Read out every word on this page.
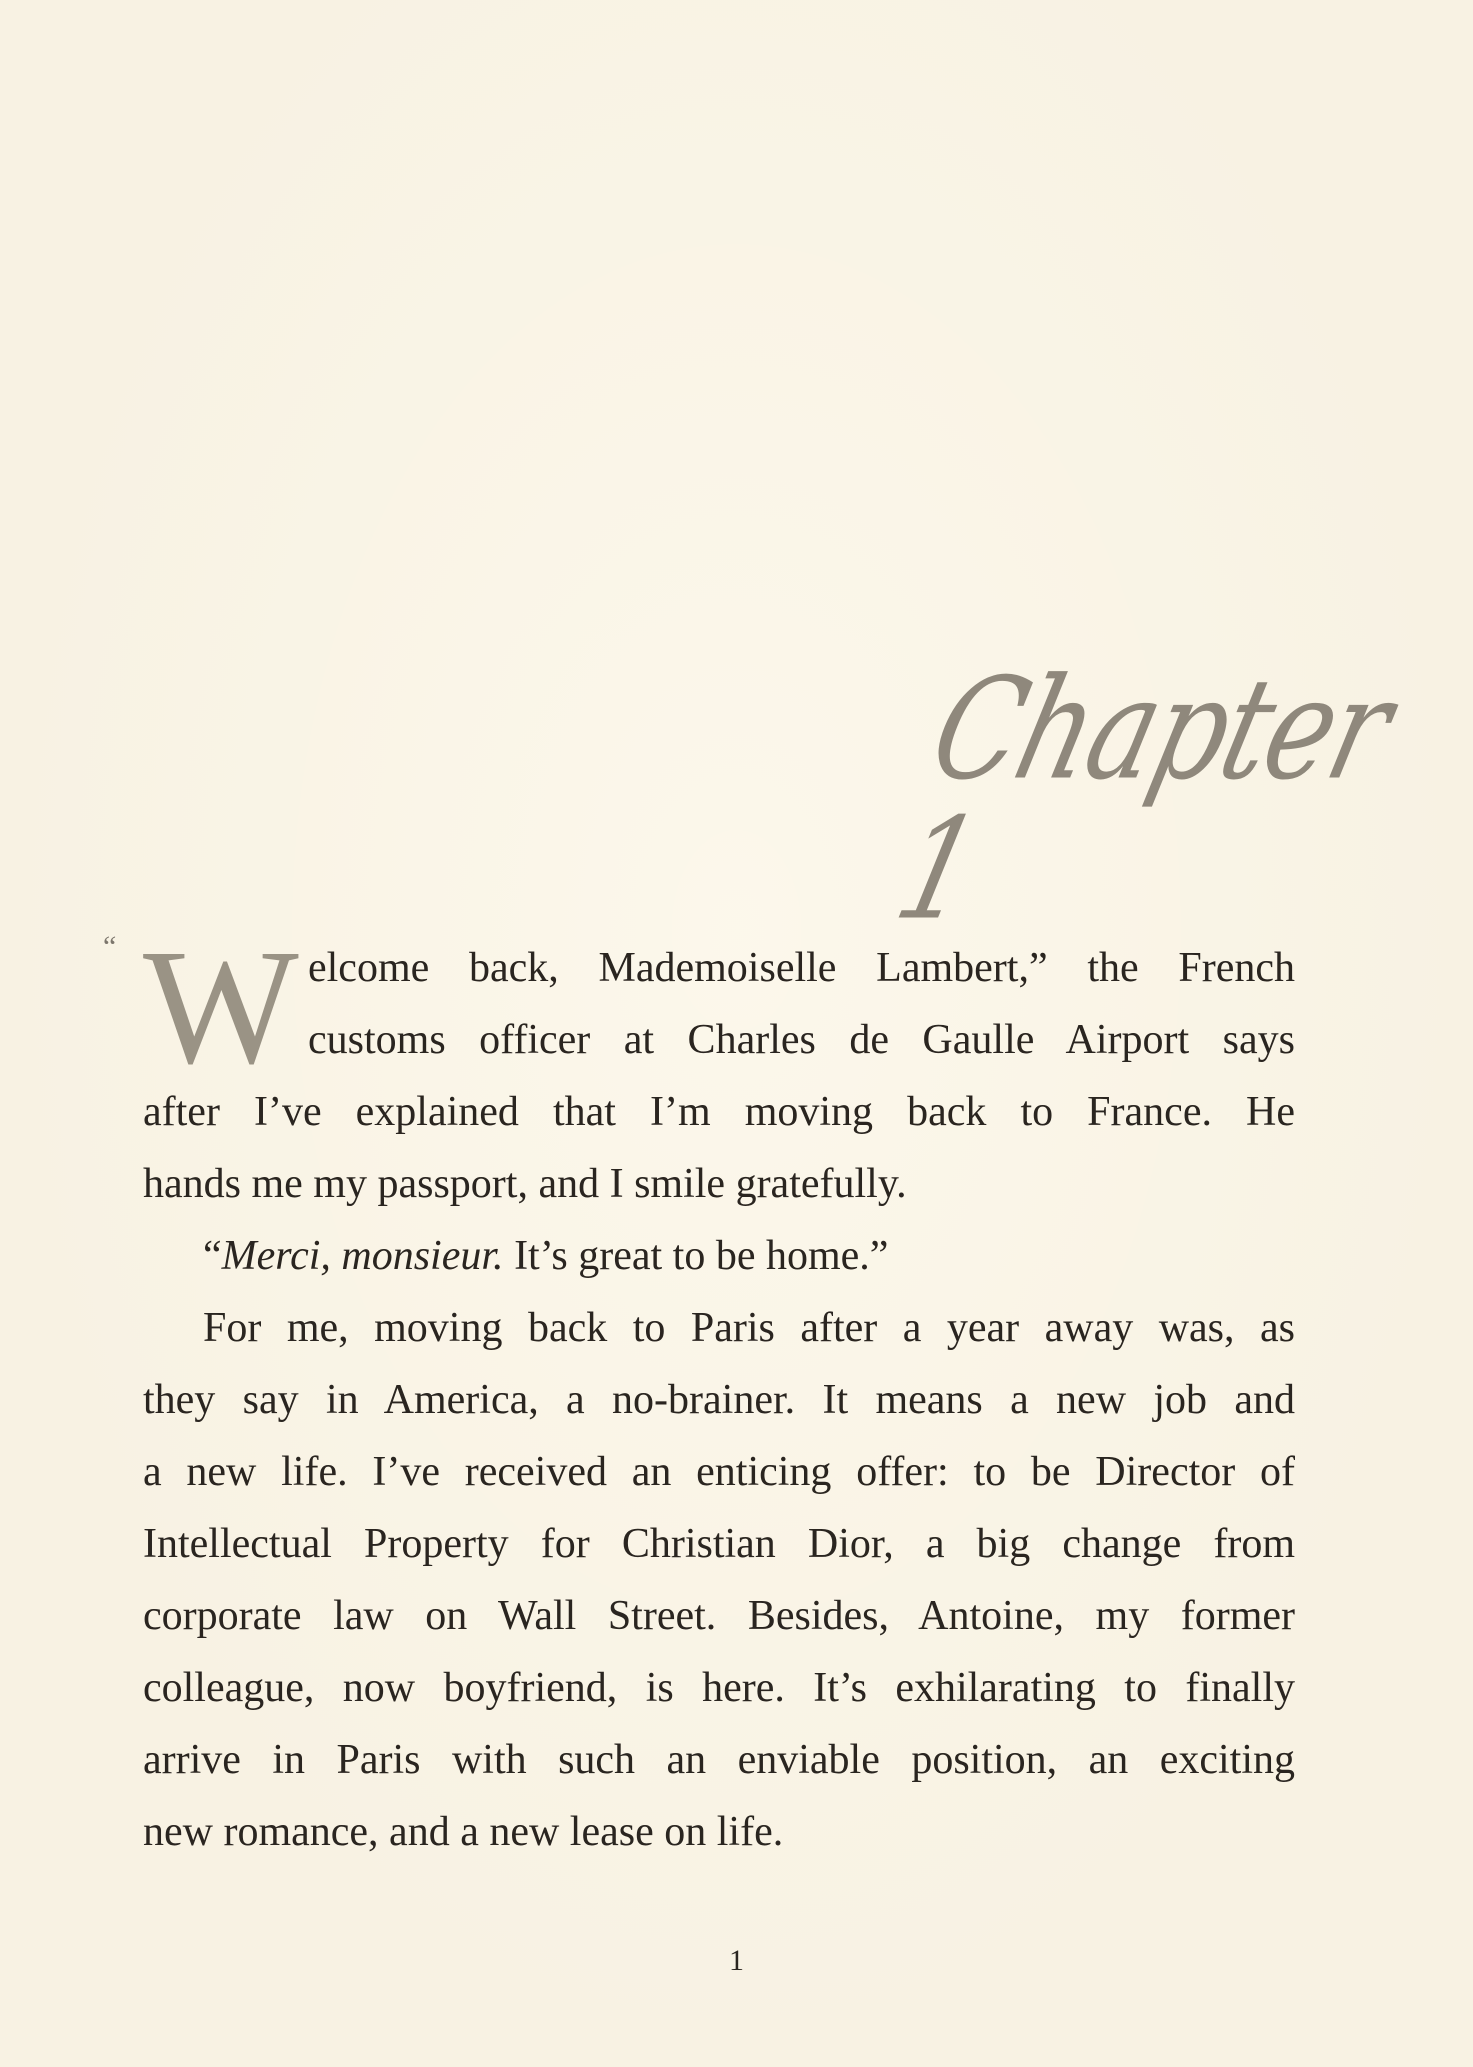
Chapter 1
“ W elcome back, Mademoiselle Lambert,” the French
customs officer at Charles de Gaulle Airport says
after I’ve explained that I’m moving back to France. He
hands me my passport, and I smile gratefully.
“Merci, monsieur. It’s great to be home.”
For me, moving back to Paris after a year away was, as
they say in America, a no-brainer. It means a new job and
a new life. I’ve received an enticing offer: to be Director of
Intellectual Property for Christian Dior, a big change from
corporate law on Wall Street. Besides, Antoine, my former
colleague, now boyfriend, is here. It’s exhilarating to finally
arrive in Paris with such an enviable position, an exciting
new romance, and a new lease on life.
1
